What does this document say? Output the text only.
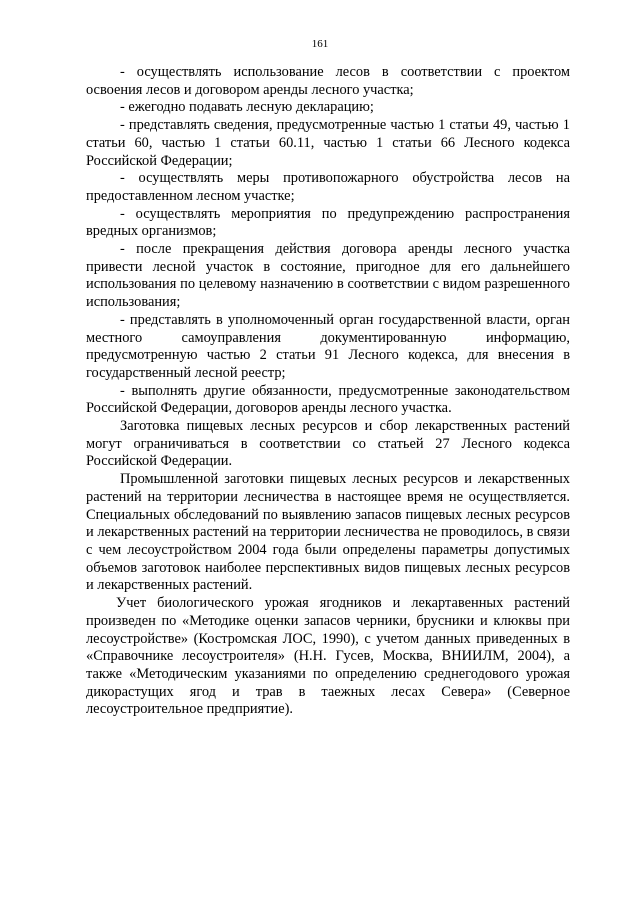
161

- осуществлять использование лесов в соответствии с проектом освоения лесов и договором аренды лесного участка;

- ежегодно подавать лесную декларацию;

- представлять сведения, предусмотренные частью 1 статьи 49, частью 1 статьи 60, частью 1 статьи 60.11, частью 1 статьи 66 Лесного кодекса Российской Федерации;

- осуществлять меры противопожарного обустройства лесов на предоставленном лесном участке;

- осуществлять мероприятия по предупреждению распространения вредных организмов;

- после прекращения действия договора аренды лесного участка привести лесной участок в состояние, пригодное для его дальнейшего использования по целевому назначению в соответствии с видом разрешенного использования;

- представлять в уполномоченный орган государственной власти, орган местного самоуправления документированную информацию, предусмотренную частью 2 статьи 91 Лесного кодекса, для внесения в государственный лесной реестр;

- выполнять другие обязанности, предусмотренные законодательством Российской Федерации, договоров аренды лесного участка.

Заготовка пищевых лесных ресурсов и сбор лекарственных растений могут ограничиваться в соответствии со статьей 27 Лесного кодекса Российской Федерации.

Промышленной заготовки пищевых лесных ресурсов и лекарственных растений на территории лесничества в настоящее время не осуществляется. Специальных обследований по выявлению запасов пищевых лесных ресурсов и лекарственных растений на территории лесничества не проводилось, в связи с чем лесоустройством 2004 года были определены параметры допустимых объемов заготовок наиболее перспективных видов пищевых лесных ресурсов и лекарственных растений.

Учет биологического урожая ягодников и лекартавенных растений произведен по «Методике оценки запасов черники, брусники и клюквы при лесоустройстве» (Костромская ЛОС, 1990), с учетом данных приведенных в «Справочнике лесоустроителя» (Н.Н. Гусев, Москва, ВНИИЛМ, 2004), а также «Методическим указаниями по определению среднегодового урожая дикорастущих ягод и трав в таежных лесах Севера» (Северное лесоустроительное предприятие).
